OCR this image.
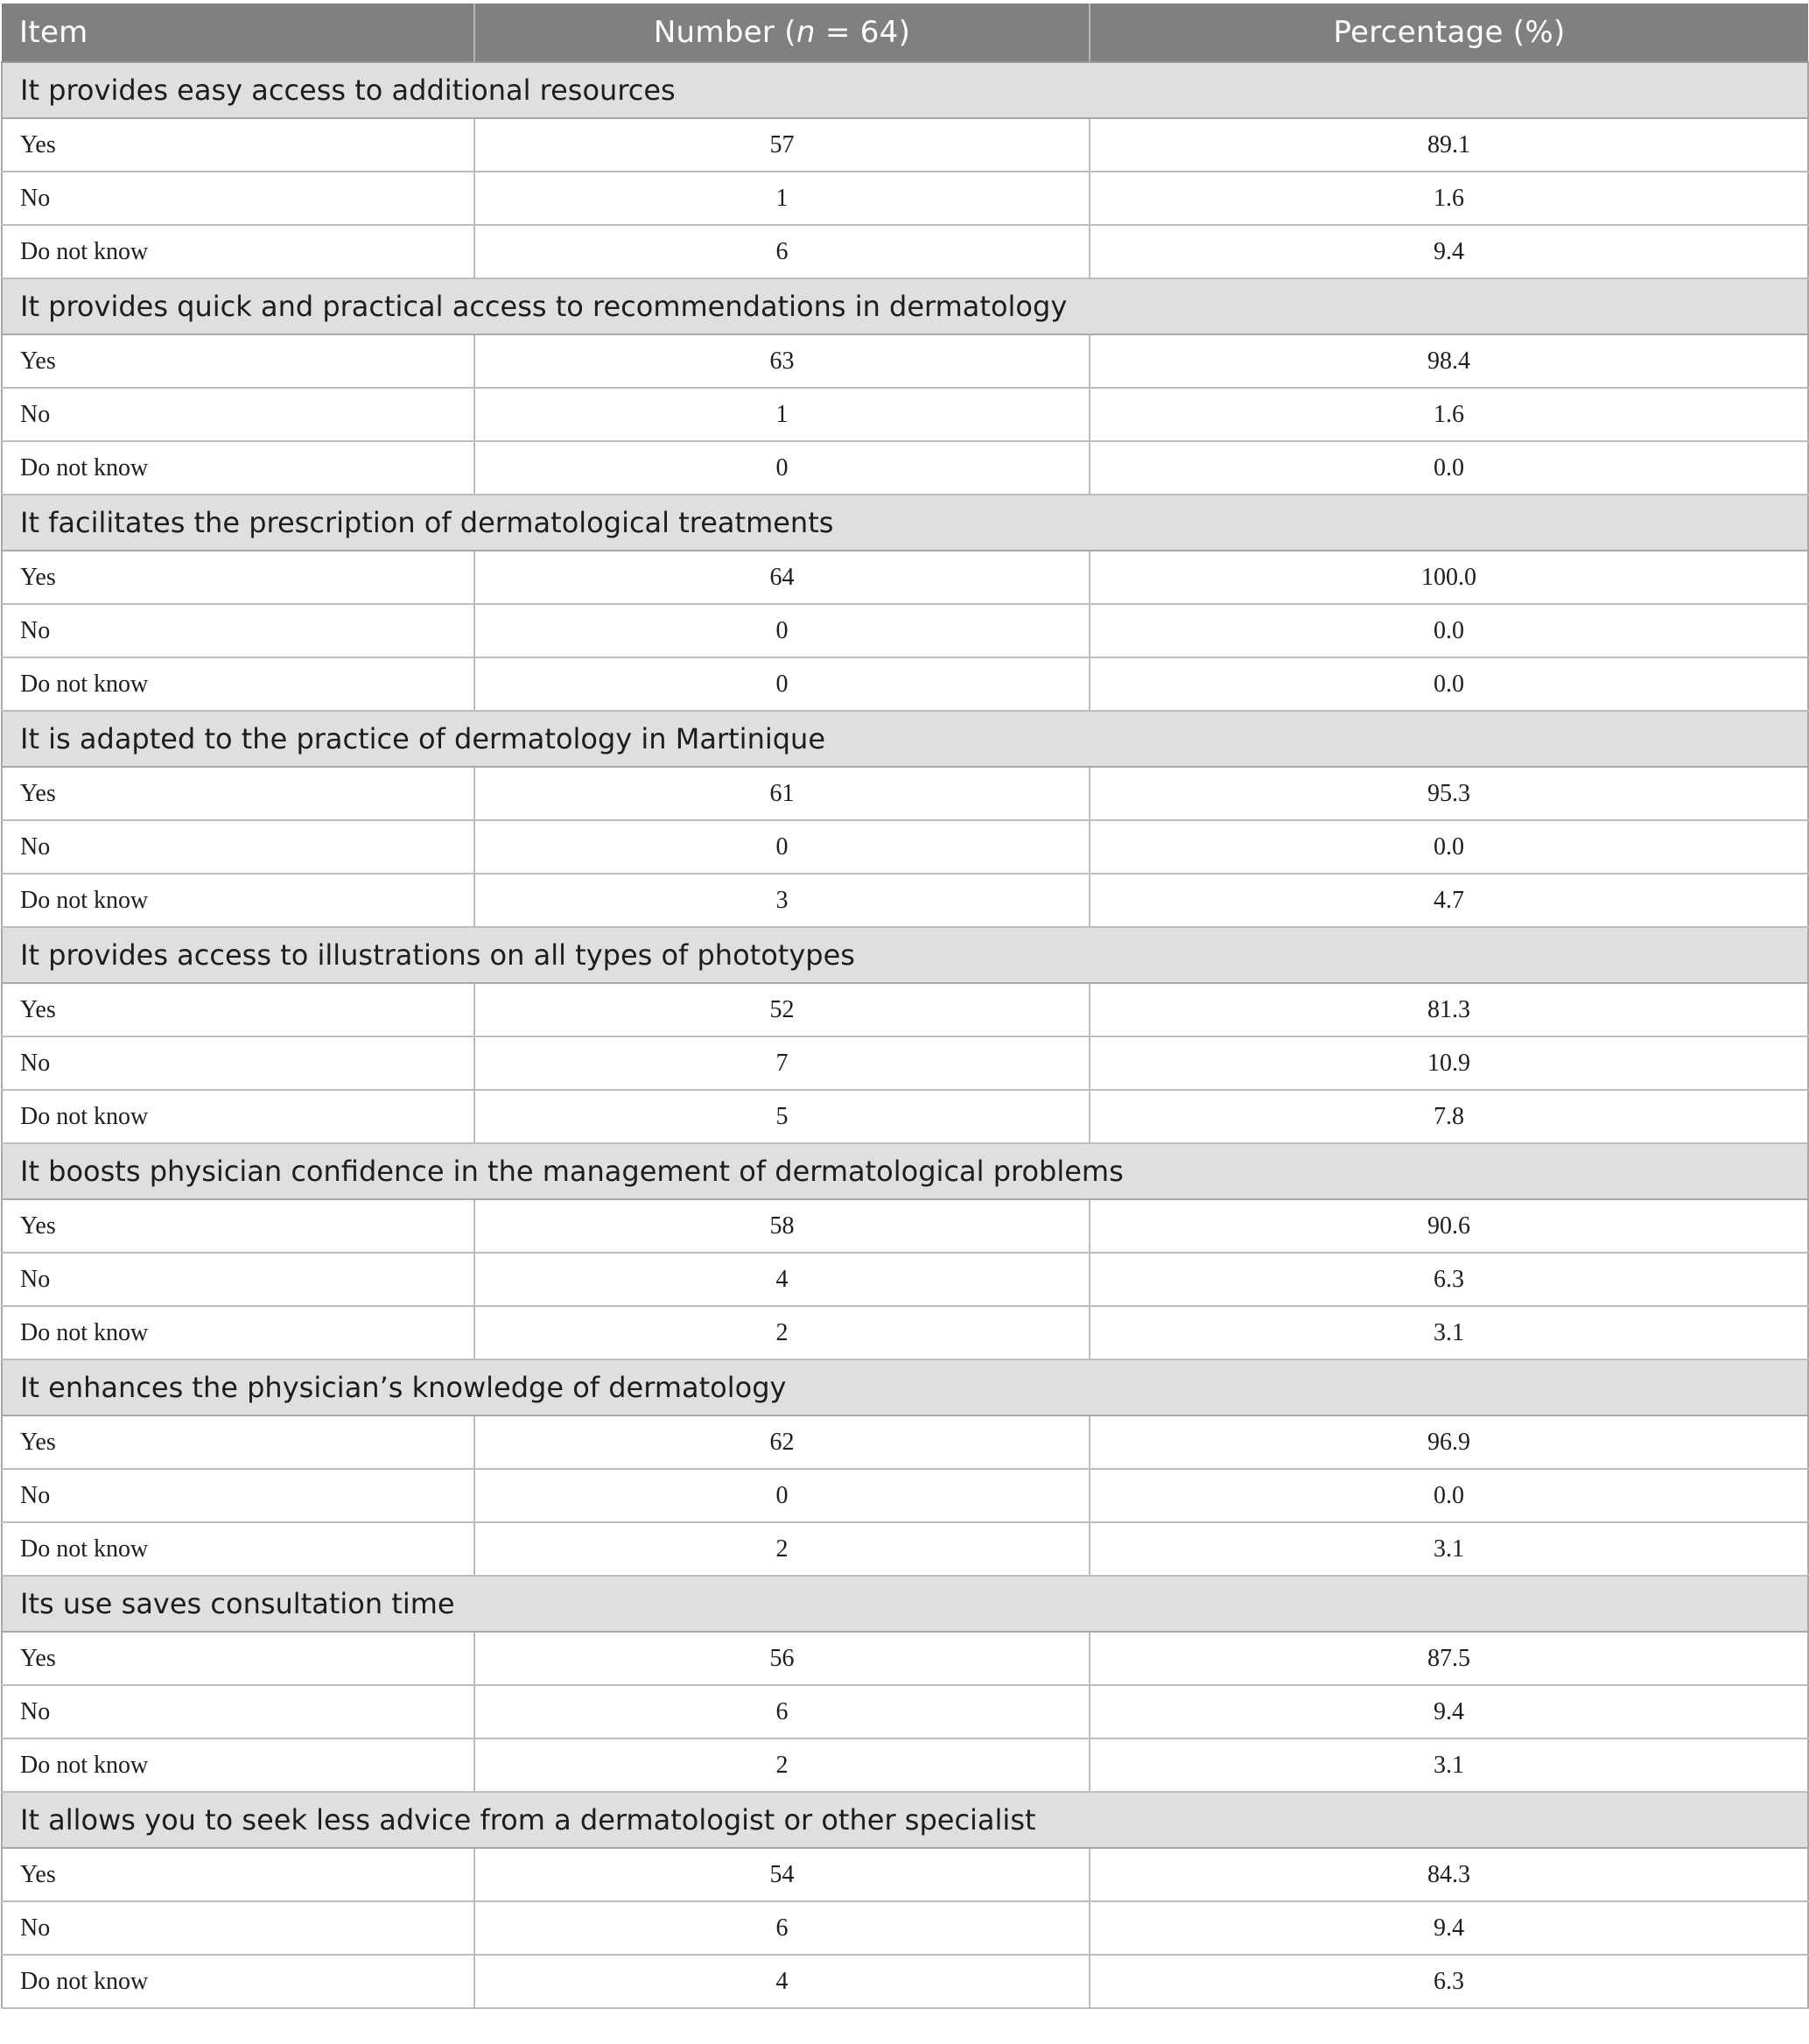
Item	Number (n = 64)	Percentage (%)
It provides easy access to additional resources		
Yes	57	89.1
No	1	1.6
Do not know	6	9.4
It provides quick and practical access to recommendations in dermatology		
Yes	63	98.4
No	1	1.6
Do not know	0	0.0
It facilitates the prescription of dermatological treatments		
Yes	64	100.0
No	0	0.0
Do not know	0	0.0
It is adapted to the practice of dermatology in Martinique		
Yes	61	95.3
No	0	0.0
Do not know	3	4.7
It provides access to illustrations on all types of phototypes		
Yes	52	81.3
No	7	10.9
Do not know	5	7.8
It boosts physician confidence in the management of dermatological problems		
Yes	58	90.6
No	4	6.3
Do not know	2	3.1
It enhances the physician’s knowledge of dermatology		
Yes	62	96.9
No	0	0.0
Do not know	2	3.1
Its use saves consultation time		
Yes	56	87.5
No	6	9.4
Do not know	2	3.1
It allows you to seek less advice from a dermatologist or other specialist		
Yes	54	84.3
No	6	9.4
Do not know	4	6.3
